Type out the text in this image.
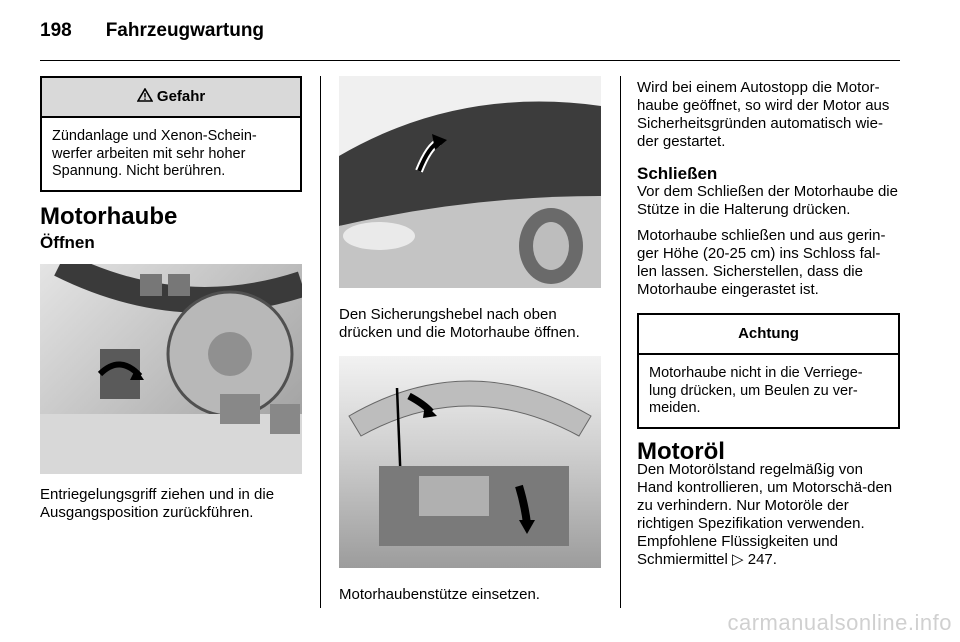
198 Fahrzeugwartung
Gefahr
Zündanlage und Xenon-Schein-werfer arbeiten mit sehr hoher Spannung. Nicht berühren.
Motorhaube
Öffnen

Entriegelungsgriff ziehen und in die Ausgangsposition zurückführen.

Den Sicherungshebel nach oben drücken und die Motorhaube öffnen.

Motorhaubenstütze einsetzen.

Wird bei einem Autostopp die Motor-haube geöffnet, so wird der Motor aus Sicherheitsgründen automatisch wie-der gestartet.

Schließen

Vor dem Schließen der Motorhaube die Stütze in die Halterung drücken.

Motorhaube schließen und aus gerin-ger Höhe (20-25 cm) ins Schloss fal-len lassen. Sicherstellen, dass die Motorhaube eingerastet ist.

Achtung
Motorhaube nicht in die Verriege-lung drücken, um Beulen zu ver-meiden.
Motoröl

Den Motorölstand regelmäßig von Hand kontrollieren, um Motorschä-den zu verhindern. Nur Motoröle der richtigen Spezifikation verwenden. Empfohlene Flüssigkeiten und Schmiermittel ▷ 247.

carmanualsonline.info
